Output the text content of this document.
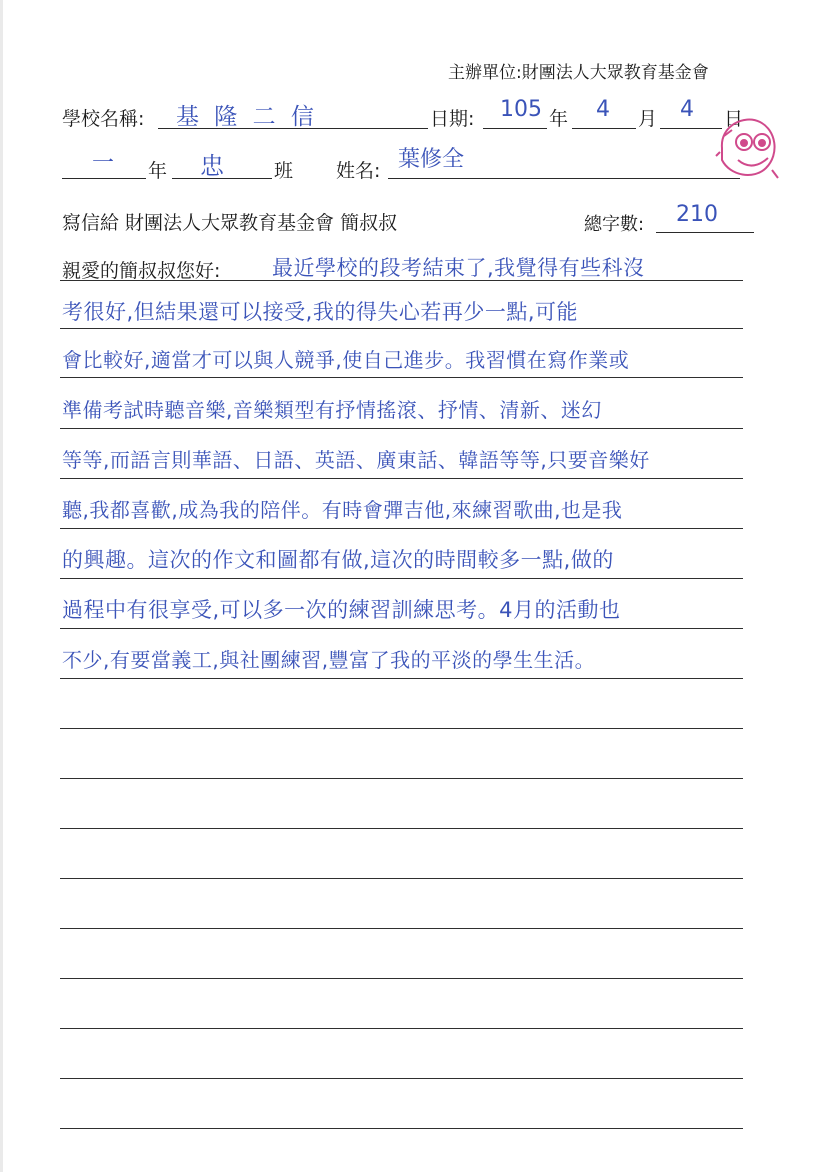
主辦單位:財團法人大眾教育基金會
學校名稱: 基 隆 二 信	日期: 105 年 4 月 4 日
一 年 忠	班 姓名: 葉修全
寫信給 財團法人大眾教育基金會 簡叔叔	總字數: 210
親愛的簡叔叔您好: 最近學校的段考結束了,我覺得有些科沒
考很好,但結果還可以接受,我的得失心若再少一點,可能
會比較好,適當才可以與人競爭,使自己進步。我習慣在寫作業或
準備考試時聽音樂,音樂類型有抒情搖滾、抒情、清新、迷幻
等等,而語言則華語、日語、英語、廣東話、韓語等等,只要音樂好
聽,我都喜歡,成為我的陪伴。有時會彈吉他,來練習歌曲,也是我
的興趣。這次的作文和圖都有做,這次的時間較多一點,做的
過程中有很享受,可以多一次的練習訓練思考。4月的活動也
不少,有要當義工,與社團練習,豐富了我的平淡的學生生活。
